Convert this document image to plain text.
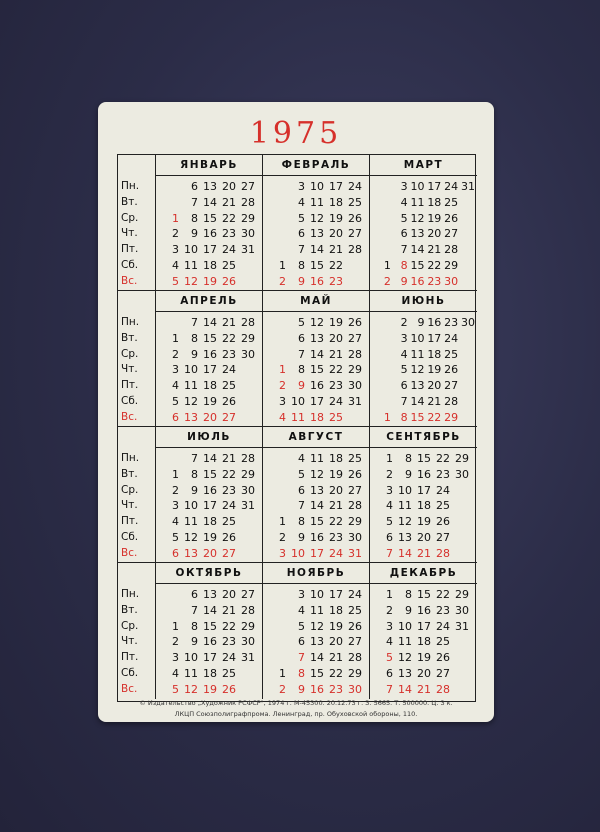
1975
Пн.
Вт.
Ср.
Чт.
Пт.
Сб.
Вс.
ЯНВАРЬ
1
2
3
4
5
6
7
8
9
10
11
12
13
14
15
16
17
18
19
20
21
22
23
24
25
26
27
28
29
30
31
ФЕВРАЛЬ
1
2
3
4
5
6
7
8
9
10
11
12
13
14
15
16
17
18
19
20
21
22
23
24
25
26
27
28
МАРТ
1
2
3
4
5
6
7
8
9
10
11
12
13
14
15
16
17
18
19
20
21
22
23
24
25
26
27
28
29
30
31
Пн.
Вт.
Ср.
Чт.
Пт.
Сб.
Вс.
АПРЕЛЬ
1
2
3
4
5
6
7
8
9
10
11
12
13
14
15
16
17
18
19
20
21
22
23
24
25
26
27
28
29
30
МАЙ
1
2
3
4
5
6
7
8
9
10
11
12
13
14
15
16
17
18
19
20
21
22
23
24
25
26
27
28
29
30
31
ИЮНЬ
1
2
3
4
5
6
7
8
9
10
11
12
13
14
15
16
17
18
19
20
21
22
23
24
25
26
27
28
29
30
Пн.
Вт.
Ср.
Чт.
Пт.
Сб.
Вс.
ИЮЛЬ
1
2
3
4
5
6
7
8
9
10
11
12
13
14
15
16
17
18
19
20
21
22
23
24
25
26
27
28
29
30
31
АВГУСТ
1
2
3
4
5
6
7
8
9
10
11
12
13
14
15
16
17
18
19
20
21
22
23
24
25
26
27
28
29
30
31
СЕНТЯБРЬ
1
2
3
4
5
6
7
8
9
10
11
12
13
14
15
16
17
18
19
20
21
22
23
24
25
26
27
28
29
30
Пн.
Вт.
Ср.
Чт.
Пт.
Сб.
Вс.
ОКТЯБРЬ
1
2
3
4
5
6
7
8
9
10
11
12
13
14
15
16
17
18
19
20
21
22
23
24
25
26
27
28
29
30
31
НОЯБРЬ
1
2
3
4
5
6
7
8
9
10
11
12
13
14
15
16
17
18
19
20
21
22
23
24
25
26
27
28
29
30
ДЕКАБРЬ
1
2
3
4
5
6
7
8
9
10
11
12
13
14
15
16
17
18
19
20
21
22
23
24
25
26
27
28
29
30
31
© Издательство „Художник РСФСР", 1974 г. М-45300. 20.12.73 г. З. 5665. Т. 500000. Ц. 3 к.
ЛКЦП Союзполиграфпрома. Ленинград, пр. Обуховской обороны, 110.
